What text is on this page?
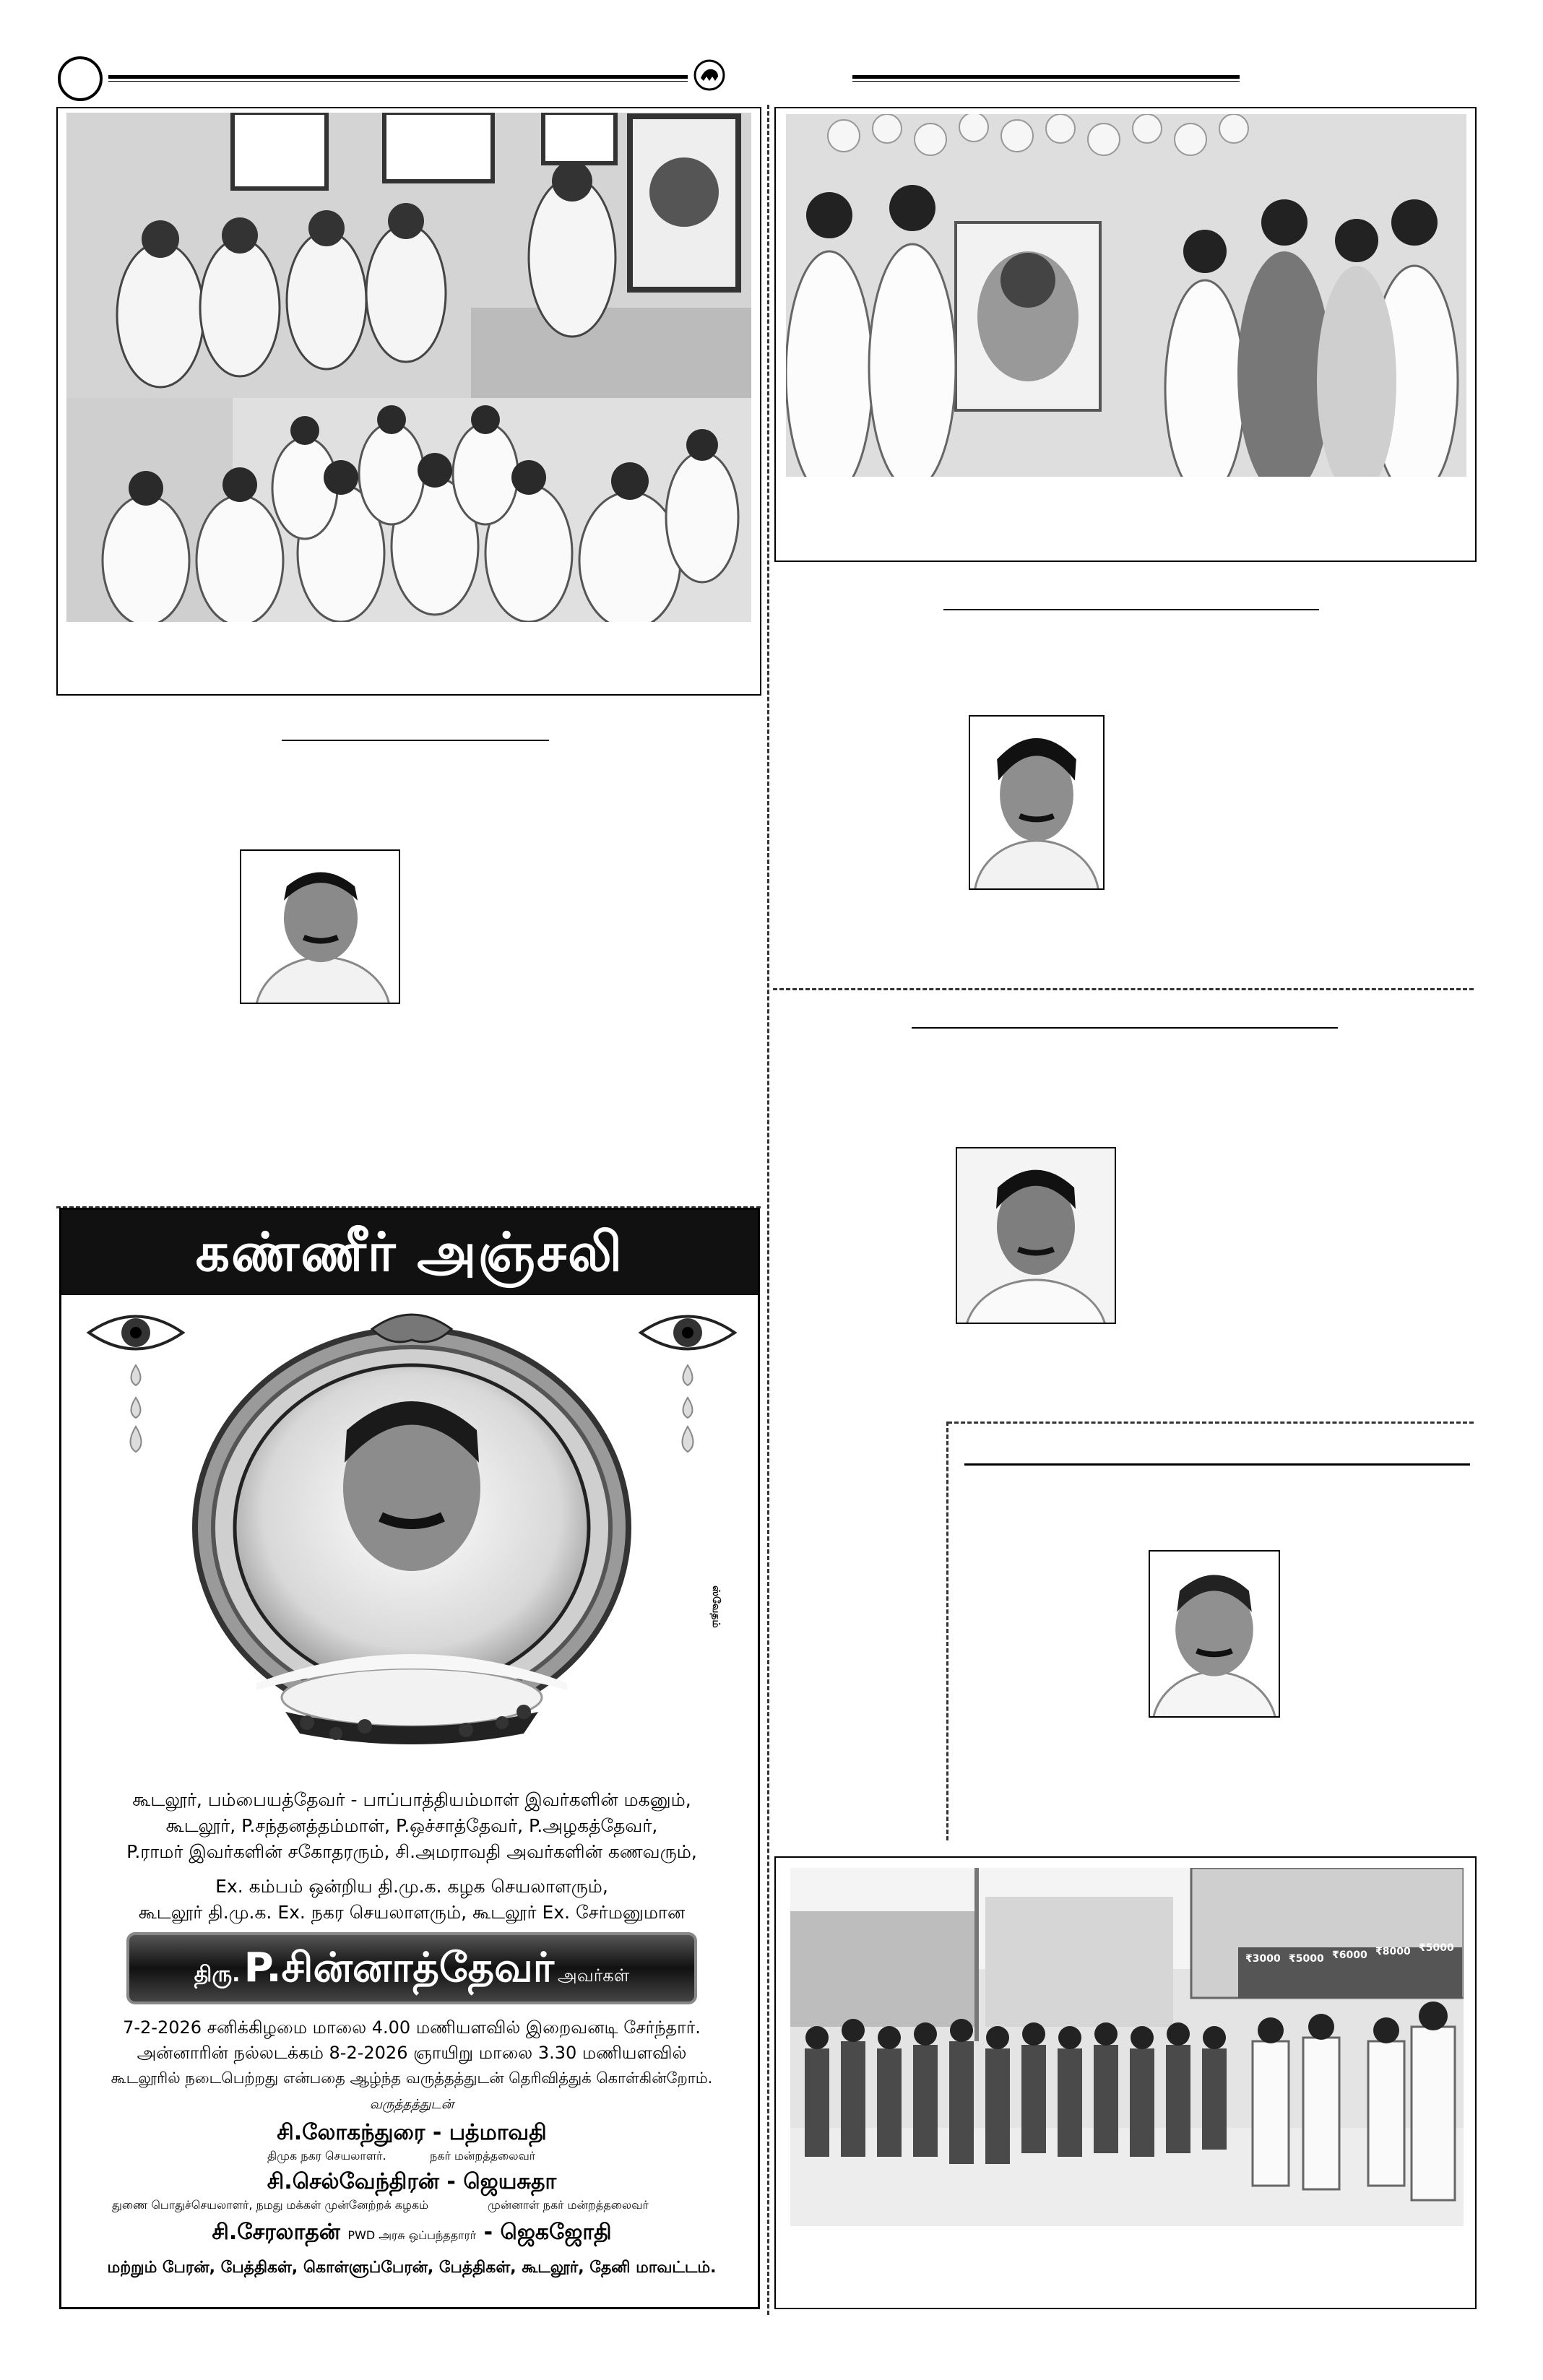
₹3000 ₹5000 ₹6000 ₹8000 ₹5000
கண்ணீர் அஞ்சலி
ஸ்வேதம்
கூடலூர், பம்பையத்தேவர் - பாப்பாத்தியம்மாள் இவர்களின் மகனும்,
கூடலூர், P.சந்தனத்தம்மாள், P.ஒச்சாத்தேவர், P.அழகத்தேவர்,
P.ராமர் இவர்களின் சகோதரரும், சி.அமராவதி அவர்களின் கணவரும்,
Ex. கம்பம் ஒன்றிய தி.மு.க. கழக செயலாளரும்,
கூடலூர் தி.மு.க. Ex. நகர செயலாளரும், கூடலூர் Ex. சேர்மனுமான
திரு. P.சின்னாத்தேவர் அவர்கள்
7-2-2026 சனிக்கிழமை மாலை 4.00 மணியளவில் இறைவனடி சேர்ந்தார்.
அன்னாரின் நல்லடக்கம் 8-2-2026 ஞாயிறு மாலை 3.30 மணியளவில்
கூடலூரில் நடைபெற்றது என்பதை ஆழ்ந்த வருத்தத்துடன் தெரிவித்துக் கொள்கின்றோம்.
வருத்தத்துடன்
சி.லோகந்துரை - பத்மாவதி
திமுக நகர செயலாளர்.	நகர் மன்றத்தலைவர்
சி.செல்வேந்திரன் - ஜெயசுதா
துணை பொதுச்செயலாளர், நமது மக்கள் முன்னேற்றக் கழகம்	முன்னாள் நகர் மன்றத்தலைவர்
சி.சேரலாதன் PWD அரசு ஒப்பந்ததாரர் - ஜெகஜோதி
மற்றும் பேரன், பேத்திகள், கொள்ளுப்பேரன், பேத்திகள், கூடலூர், தேனி மாவட்டம்.
